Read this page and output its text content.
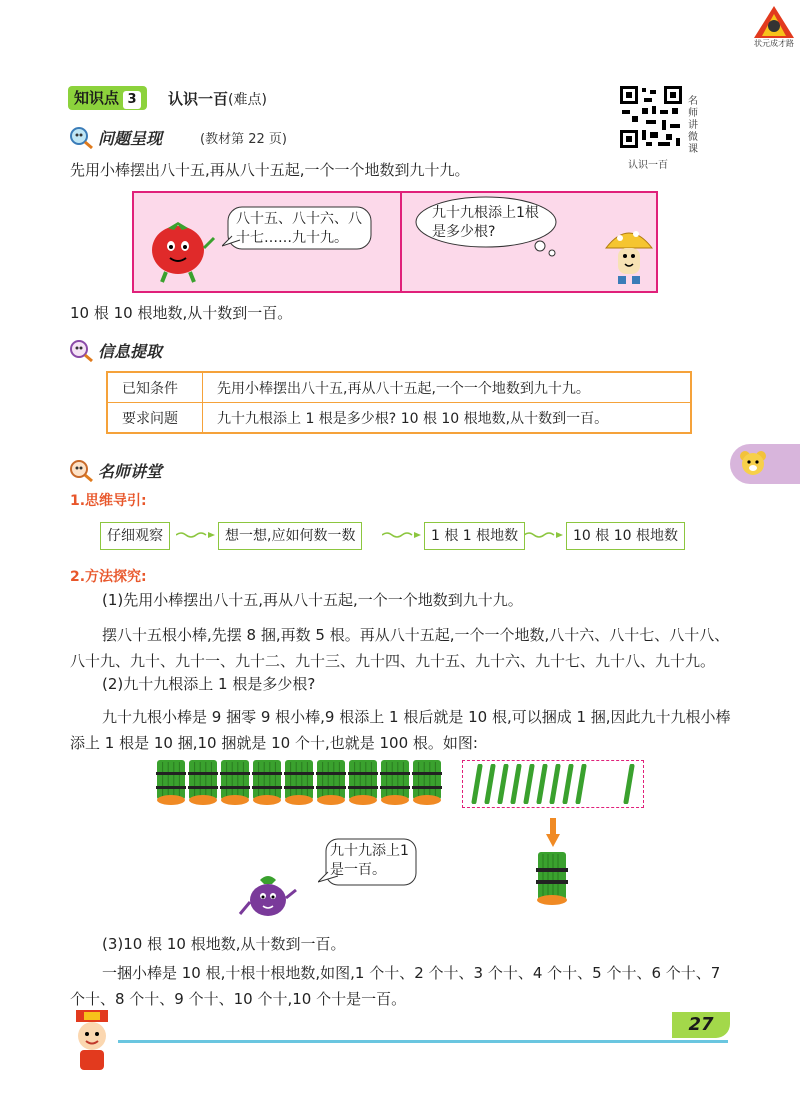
状元成才路
知识点 3	认识一百(难点)	名师讲微课
认识一百
问题呈现	(教材第 22 页)

先用小棒摆出八十五,再从八十五起,一个一个地数到九十九。

八十五、八十六、八十七……九十九。
九十九根添上1根是多少根?

10 根 10 根地数,从十数到一百。

信息提取
已知条件	先用小棒摆出八十五,再从八十五起,一个一个地数到九十九。
要求问题	九十九根添上 1 根是多少根? 10 根 10 根地数,从十数到一百。
名师讲堂
1.思维导引:
仔细观察	想一想,应如何数一数	1 根 1 根地数	10 根 10 根地数
2.方法探究:

(1)先用小棒摆出八十五,再从八十五起,一个一个地数到九十九。

摆八十五根小棒,先摆 8 捆,再数 5 根。再从八十五起,一个一个地数,八十六、八十七、八十八、八十九、九十、九十一、九十二、九十三、九十四、九十五、九十六、九十七、九十八、九十九。

(2)九十九根添上 1 根是多少根?

九十九根小棒是 9 捆零 9 根小棒,9 根添上 1 根后就是 10 根,可以捆成 1 捆,因此九十九根小棒添上 1 根是 10 捆,10 捆就是 10 个十,也就是 100 根。如图:

九十九添上1是一百。

(3)10 根 10 根地数,从十数到一百。

一捆小棒是 10 根,十根十根地数,如图,1 个十、2 个十、3 个十、4 个十、5 个十、6 个十、7 个十、8 个十、9 个十、10 个十,10 个十是一百。

27
